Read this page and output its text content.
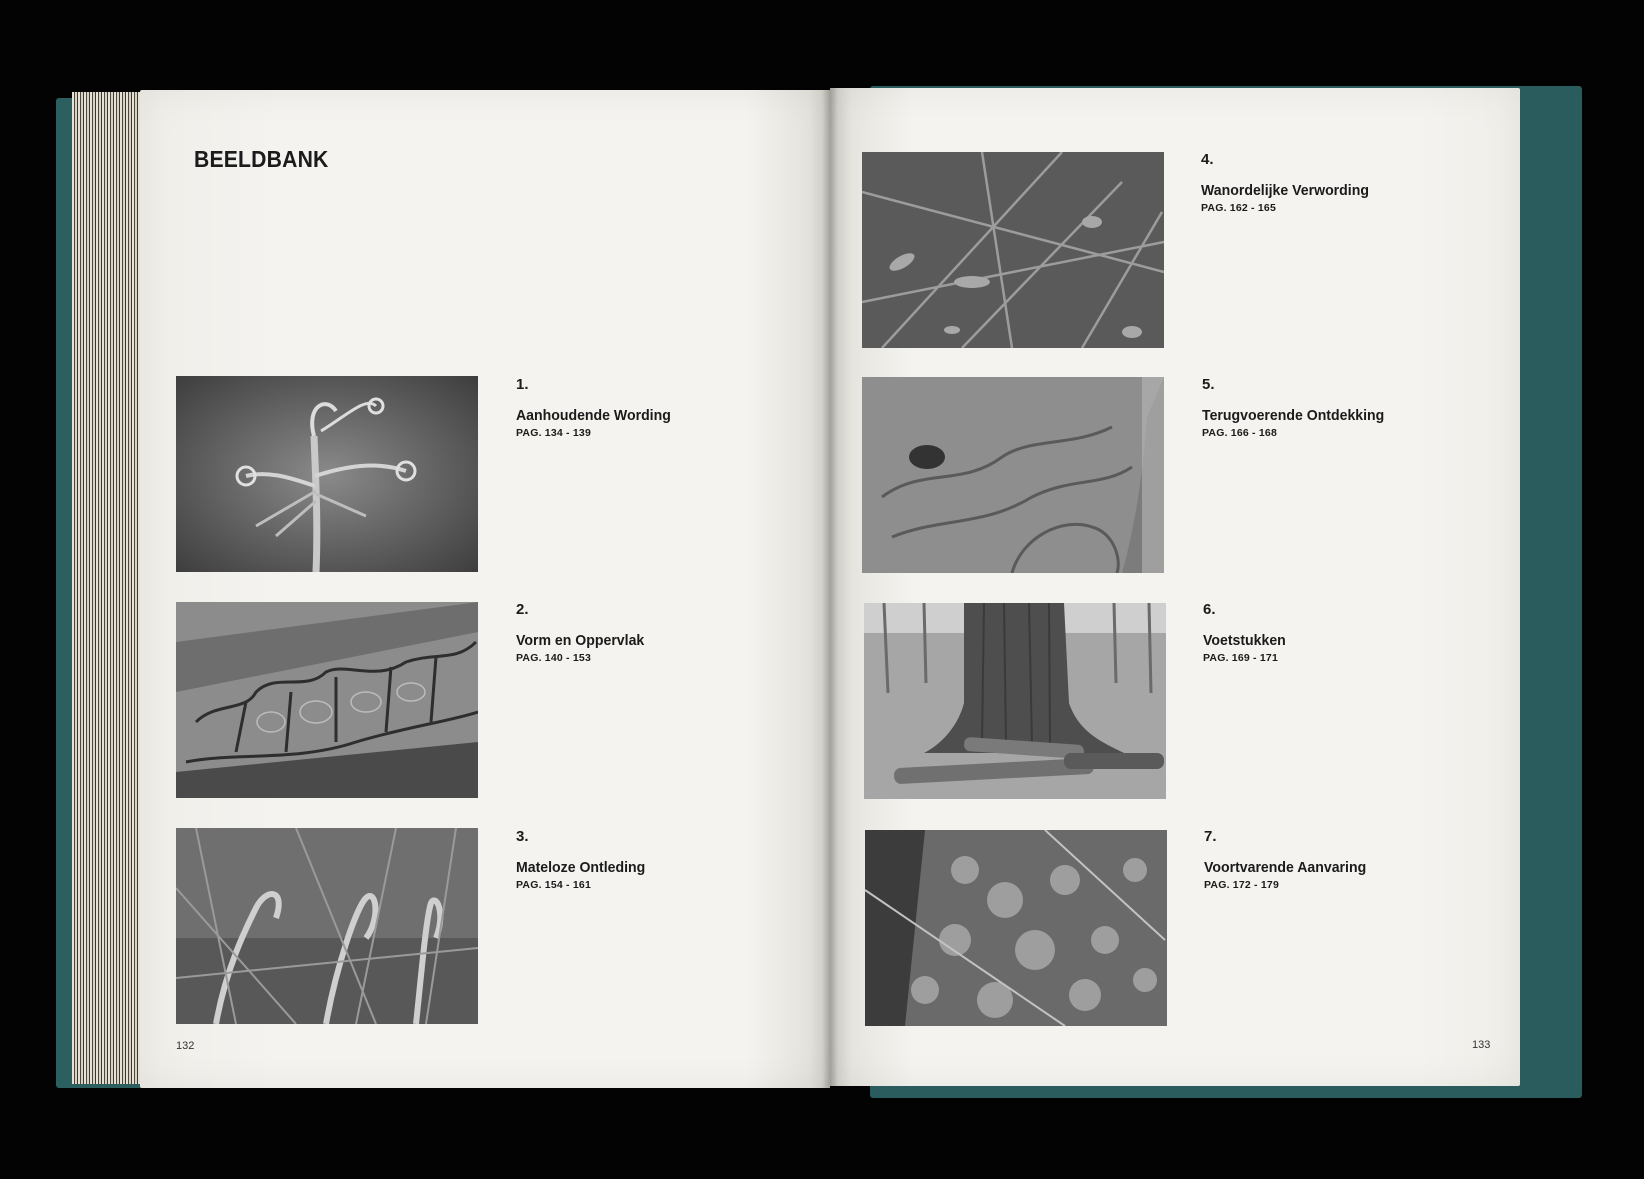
BEELDBANK
1.
Aanhoudende Wording
PAG. 134 - 139
2.
Vorm en Oppervlak
PAG. 140 - 153
3.
Mateloze Ontleding
PAG. 154 - 161
4.
Wanordelijke Verwording
PAG. 162 - 165
5.
Terugvoerende Ontdekking
PAG. 166 - 168
6.
Voetstukken
PAG. 169 - 171
7.
Voortvarende Aanvaring
PAG. 172 - 179
132	133
